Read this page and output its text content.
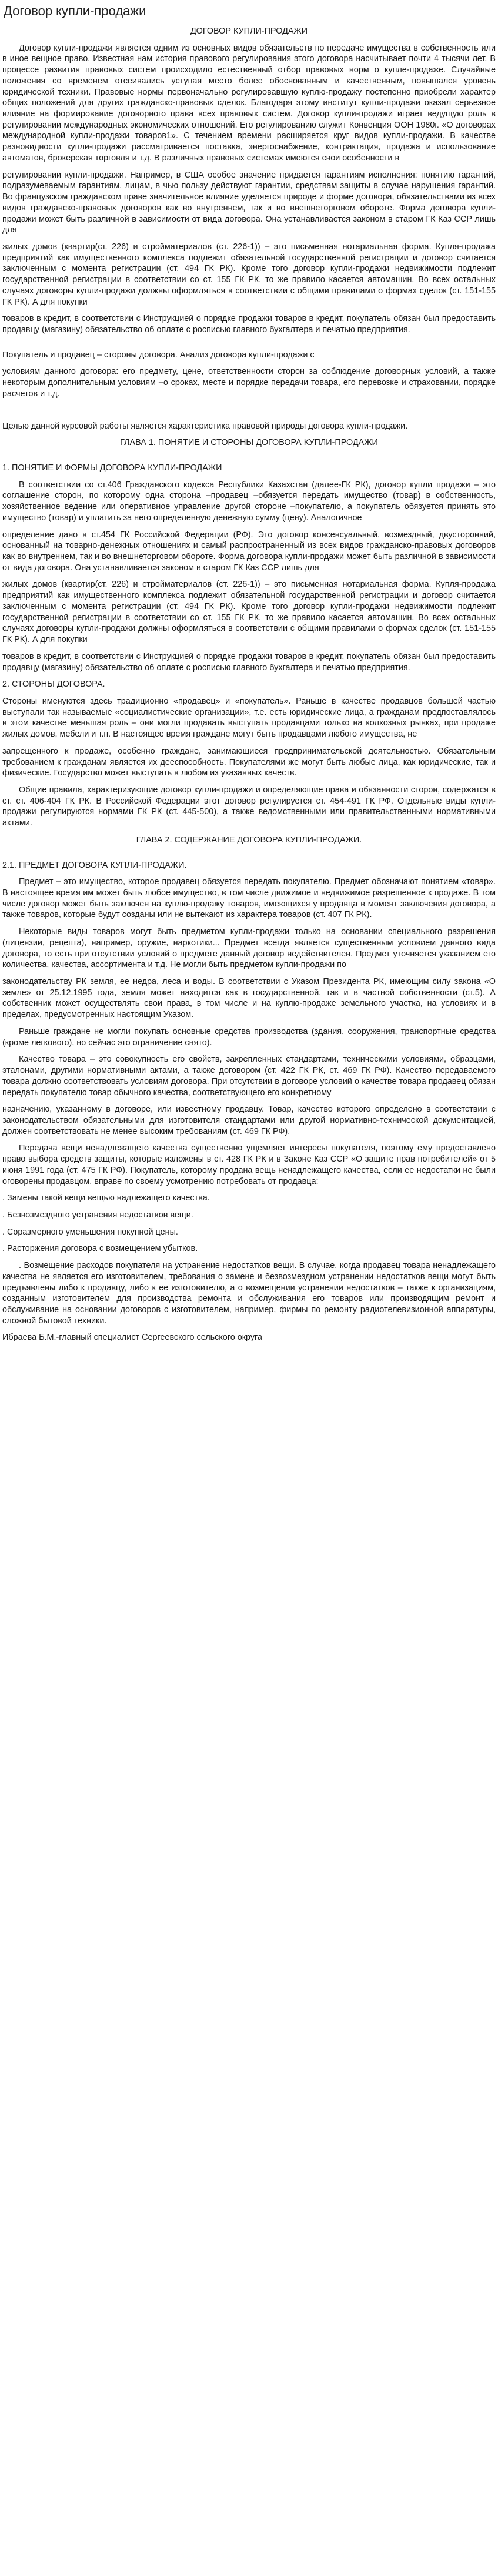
Договор купли-продажи

ДОГОВОР КУПЛИ-ПРОДАЖИ

Договор купли-продажи является одним из основных видов обязательств по передаче имущества в собственность или в иное вещное право. Известная нам история правового регулирования этого договора насчитывает почти 4 тысячи лет. В процессе развития правовых систем происходило естественный отбор правовых норм о купле-продаже. Случайные положения со временем отсеивались уступая место более обоснованным и качественным, повышался уровень юридической техники. Правовые нормы первоначально регулировавшую куплю-продажу постепенно приобрели характер общих положений для других гражданско-правовых сделок. Благодаря этому институт купли-продажи оказал серьезное влияние на формирование договорного права всех правовых систем. Договор купли-продажи играет ведущую роль в регулировании международных экономических отношений. Его регулированию служит Конвенция ООН 1980г. «О договорах международной купли-продажи товаров1». С течением времени расширяется круг видов купли-продажи. В качестве разновидности купли-продажи рассматривается поставка, энергоснабжение, контрактация, продажа и использование автоматов, брокерская торговля и т.д. В различных правовых системах имеются свои особенности в

регулировании купли-продажи. Например, в США особое значение придается гарантиям исполнения: понятию гарантий, подразумеваемым гарантиям, лицам, в чью пользу действуют гарантии, средствам защиты в случае нарушения гарантий. Во французском гражданском праве значительное влияние уделяется природе и форме договора, обязательствами из всех видов гражданско-правовых договоров как во внутреннем, так и во внешнеторговом обороте. Форма договора купли-продажи может быть различной в зависимости от вида договора. Она устанавливается законом в старом ГК Каз ССР лишь для

жилых домов (квартир(ст. 226) и стройматериалов (ст. 226-1)) – это письменная нотариальная форма. Купля-продажа предприятий как имущественного комплекса подлежит обязательной государственной регистрации и договор считается заключенным с момента регистрации (ст. 494 ГК РК). Кроме того договор купли-продажи недвижимости подлежит государственной регистрации в соответствии со ст. 155 ГК РК, то же правило касается автомашин. Во всех остальных случаях договоры купли-продажи должны оформляться в соответствии с общими правилами о формах сделок (ст. 151-155 ГК РК). А для покупки

товаров в кредит, в соответствии с Инструкцией о порядке продажи товаров в кредит, покупатель обязан был предоставить продавцу (магазину) обязательство об оплате с росписью главного бухгалтера и печатью предприятия.

Покупатель и продавец – стороны договора. Анализ договора купли-продажи с

условиям данного договора: его предмету, цене, ответственности сторон за соблюдение договорных условий, а также некоторым дополнительным условиям –о сроках, месте и порядке передачи товара, его перевозке и страховании, порядке расчетов и т.д.

Целью данной курсовой работы является характеристика правовой природы договора купли-продажи.

ГЛАВА 1. ПОНЯТИЕ И СТОРОНЫ ДОГОВОРА КУПЛИ-ПРОДАЖИ

1. ПОНЯТИЕ И ФОРМЫ ДОГОВОРА КУПЛИ-ПРОДАЖИ

В соответствии со ст.406 Гражданского кодекса Республики Казахстан (далее-ГК РК), договор купли продажи – это соглашение сторон, по которому одна сторона –продавец –обязуется передать имущество (товар) в собственность, хозяйственное ведение или оперативное управление другой стороне –покупателю, а покупатель обязуется принять это имущество (товар) и уплатить за него определенную денежную сумму (цену). Аналогичное

определение дано в ст.454 ГК Российской Федерации (РФ). Это договор консенсуальный, возмездный, двусторонний, основанный на товарно-денежных отношениях и самый распространенный из всех видов гражданско-правовых договоров как во внутреннем, так и во внешнеторговом обороте. Форма договора купли-продажи может быть различной в зависимости от вида договора. Она устанавливается законом в старом ГК Каз ССР лишь для

жилых домов (квартир(ст. 226) и стройматериалов (ст. 226-1)) – это письменная нотариальная форма. Купля-продажа предприятий как имущественного комплекса подлежит обязательной государственной регистрации и договор считается заключенным с момента регистрации (ст. 494 ГК РК). Кроме того договор купли-продажи недвижимости подлежит государственной регистрации в соответствии со ст. 155 ГК РК, то же правило касается автомашин. Во всех остальных случаях договоры купли-продажи должны оформляться в соответствии с общими правилами о формах сделок (ст. 151-155 ГК РК). А для покупки

товаров в кредит, в соответствии с Инструкцией о порядке продажи товаров в кредит, покупатель обязан был предоставить продавцу (магазину) обязательство об оплате с росписью главного бухгалтера и печатью предприятия.

2. СТОРОНЫ ДОГОВОРА.

Стороны именуются здесь традиционно «продавец» и «покупатель». Раньше в качестве продавцов большей частью выступали так называемые «социалистические организации», т.е. есть юридические лица, а гражданам предпоставлялось в этом качестве меньшая роль – они могли продавать выступать продавцами только на колхозных рынках, при продаже жилых домов, мебели и т.п. В настоящее время граждане могут быть продавцами любого имущества, не

запрещенного к продаже, особенно граждане, занимающиеся предпринимательской деятельностью. Обязательным требованием к гражданам является их дееспособность. Покупателями же могут быть любые лица, как юридические, так и физические. Государство может выступать в любом из указанных качеств.

Общие правила, характеризующие договор купли-продажи и определяющие права и обязанности сторон, содержатся в ст. ст. 406-404 ГК РК. В Российской Федерации этот договор регулируется ст. 454-491 ГК РФ. Отдельные виды купли-продажи регулируются нормами ГК РК (ст. 445-500), а также ведомственными или правительственными нормативными актами.

ГЛАВА 2. СОДЕРЖАНИЕ ДОГОВОРА КУПЛИ-ПРОДАЖИ.

2.1. ПРЕДМЕТ ДОГОВОРА КУПЛИ-ПРОДАЖИ.

Предмет – это имущество, которое продавец обязуется передать покупателю. Предмет обозначают понятием «товар». В настоящее время им может быть любое имущество, в том числе движимое и недвижимое разрешенное к продаже. В том числе договор может быть заключен на куплю-продажу товаров, имеющихся у продавца в момент заключения договора, а также товаров, которые будут созданы или не вытекают из характера товаров (ст. 407 ГК РК).

Некоторые виды товаров могут быть предметом купли-продажи только на основании специального разрешения (лицензии, рецепта), например, оружие, наркотики... Предмет всегда является существенным условием данного вида договора, то есть при отсутствии условий о предмете данный договор недействителен. Предмет уточняется указанием его количества, качества, ассортимента и т.д. Не могли быть предметом купли-продажи по

законодательству РК земля, ее недра, леса и воды. В соответствии с Указом Президента РК, имеющим силу закона «О земле» от 25.12.1995 года, земля может находится как в государственной, так и в частной собственности (ст.5). А собственник может осуществлять свои права, в том числе и на куплю-продаже земельного участка, на условиях и в пределах, предусмотренных настоящим Указом.

Раньше граждане не могли покупать основные средства производства (здания, сооружения, транспортные средства (кроме легкового), но сейчас это ограничение снято).

Качество товара – это совокупность его свойств, закрепленных стандартами, техническими условиями, образцами, эталонами, другими нормативными актами, а также договором (ст. 422 ГК РК, ст. 469 ГК РФ). Качество передаваемого товара должно соответствовать условиям договора. При отсутствии в договоре условий о качестве товара продавец обязан передать покупателю товар обычного качества, соответствующего его конкретному

назначению, указанному в договоре, или известному продавцу. Товар, качество которого определено в соответствии с законодательством обязательными для изготовителя стандартами или другой нормативно-технической документацией, должен соответствовать не менее высоким требованиям (ст. 469 ГК РФ).

Передача вещи ненадлежащего качества существенно ущемляет интересы покупателя, поэтому ему предоставлено право выбора средств защиты, которые изложены в ст. 428 ГК РК и в Законе Каз ССР «О защите прав потребителей» от 5 июня 1991 года (ст. 475 ГК РФ). Покупатель, которому продана вещь ненадлежащего качества, если ее недостатки не были оговорены продавцом, вправе по своему усмотрению потребовать от продавца:

. Замены такой вещи вещью надлежащего качества.

. Безвозмездного устранения недостатков вещи.

. Соразмерного уменьшения покупной цены.

. Расторжения договора с возмещением убытков.

. Возмещение расходов покупателя на устранение недостатков вещи. В случае, когда продавец товара ненадлежащего качества не является его изготовителем, требования о замене и безвозмездном устранении недостатков вещи могут быть предъявлены либо к продавцу, либо к ее изготовителю, а о возмещении устранении недостатков – также к организациям, созданным изготовителем для производства ремонта и обслуживания его товаров или производящим ремонт и обслуживание на основании договоров с изготовителем, например, фирмы по ремонту радиотелевизионной аппаратуры, сложной бытовой техники.

Ибраева Б.М.-главный специалист Сергеевского сельского округа
